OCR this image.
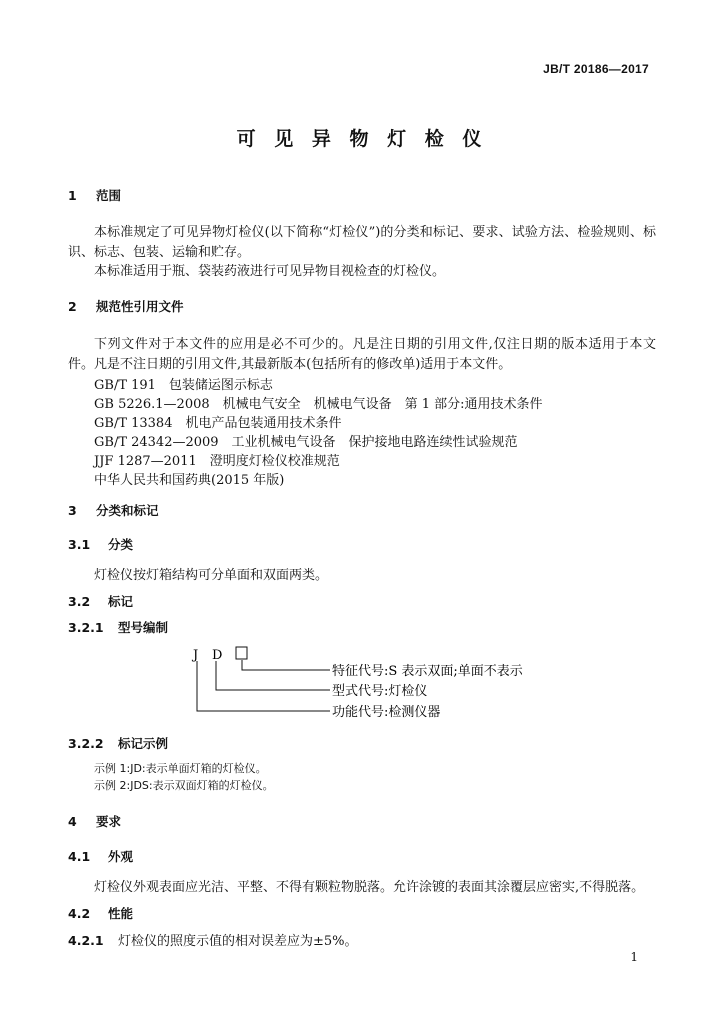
JB/T 20186—2017
可 见 异 物 灯 检 仪
1 范围
本标准规定了可见异物灯检仪(以下简称“灯检仪”)的分类和标记、要求、试验方法、检验规则、标识、标志、包装、运输和贮存。
本标准适用于瓶、袋装药液进行可见异物目视检查的灯检仪。
2 规范性引用文件
下列文件对于本文件的应用是必不可少的。凡是注日期的引用文件,仅注日期的版本适用于本文件。凡是不注日期的引用文件,其最新版本(包括所有的修改单)适用于本文件。
GB/T 191　包装储运图示标志
GB 5226.1—2008　机械电气安全　机械电气设备　第 1 部分:通用技术条件
GB/T 13384　机电产品包装通用技术条件
GB/T 24342—2009　工业机械电气设备　保护接地电路连续性试验规范
JJF 1287—2011　澄明度灯检仪校准规范
中华人民共和国药典(2015 年版)
3 分类和标记
3.1 分类
灯检仪按灯箱结构可分单面和双面两类。
3.2 标记
3.2.1 型号编制
J D
特征代号:S 表示双面;单面不表示
型式代号:灯检仪
功能代号:检测仪器
3.2.2 标记示例
示例 1:JD:表示单面灯箱的灯检仪。
示例 2:JDS:表示双面灯箱的灯检仪。
4 要求
4.1 外观
灯检仪外观表面应光洁、平整、不得有颗粒物脱落。允许涂镀的表面其涂覆层应密实,不得脱落。
4.2 性能
4.2.1 灯检仪的照度示值的相对误差应为±5%。
1
